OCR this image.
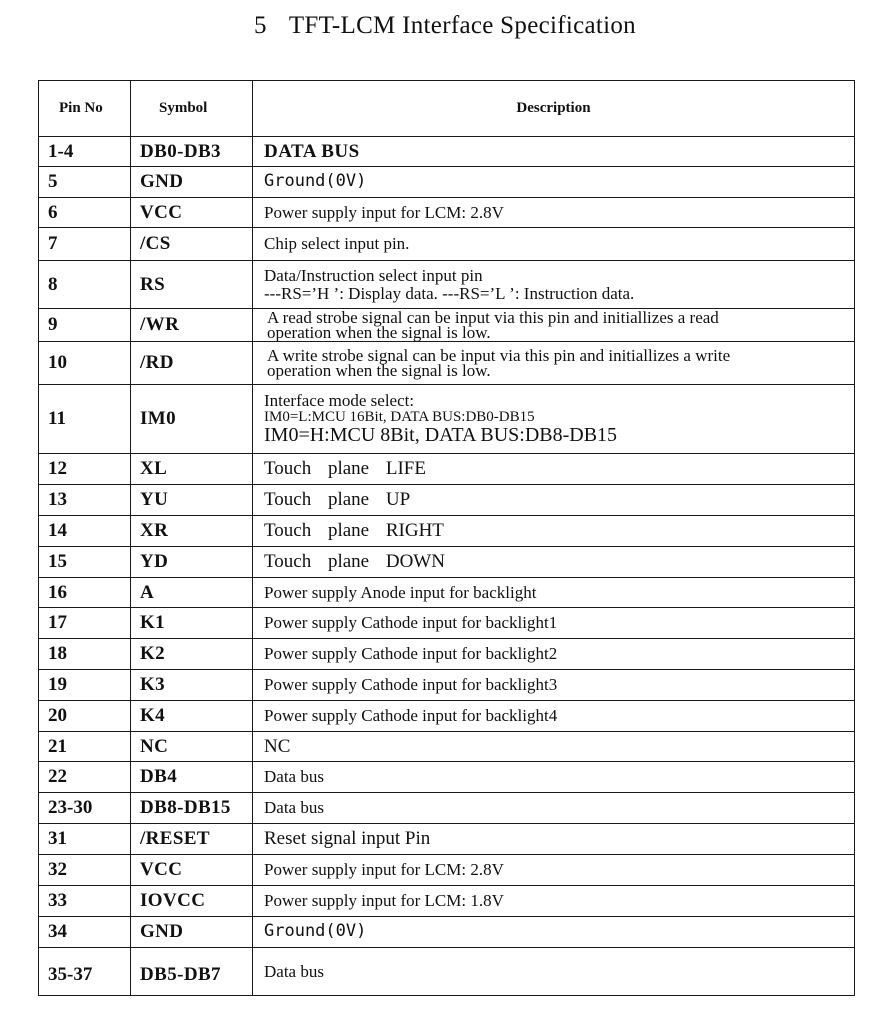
5 TFT-LCM Interface Specification
Pin No	Symbol	Description
1-4	DB0-DB3	DATA BUS

5	GND	Ground(0V)

6	VCC	Power supply input for LCM: 2.8V

7	/CS	Chip select input pin.

8	RS	Data/Instruction select input pin
---RS=’H ’: Display data. ---RS=’L ’: Instruction data.

9	/WR	A read strobe signal can be input via this pin and initiallizes a read
operation when the signal is low.

10	/RD	A write strobe signal can be input via this pin and initiallizes a write
operation when the signal is low.

11	IM0	Interface mode select:
IM0=L:MCU 16Bit, DATA BUS:DB0-DB15
IM0=H:MCU 8Bit, DATA BUS:DB8-DB15

12	XL	Touch plane LIFE

13	YU	Touch plane UP

14	XR	Touch plane RIGHT

15	YD	Touch plane DOWN

16	A	Power supply Anode input for backlight

17	K1	Power supply Cathode input for backlight1

18	K2	Power supply Cathode input for backlight2

19	K3	Power supply Cathode input for backlight3

20	K4	Power supply Cathode input for backlight4

21	NC	NC

22	DB4	Data bus

23-30	DB8-DB15	Data bus

31	/RESET	Reset signal input Pin

32	VCC	Power supply input for LCM: 2.8V

33	IOVCC	Power supply input for LCM: 1.8V

34	GND	Ground(0V)

35-37	DB5-DB7	Data bus
